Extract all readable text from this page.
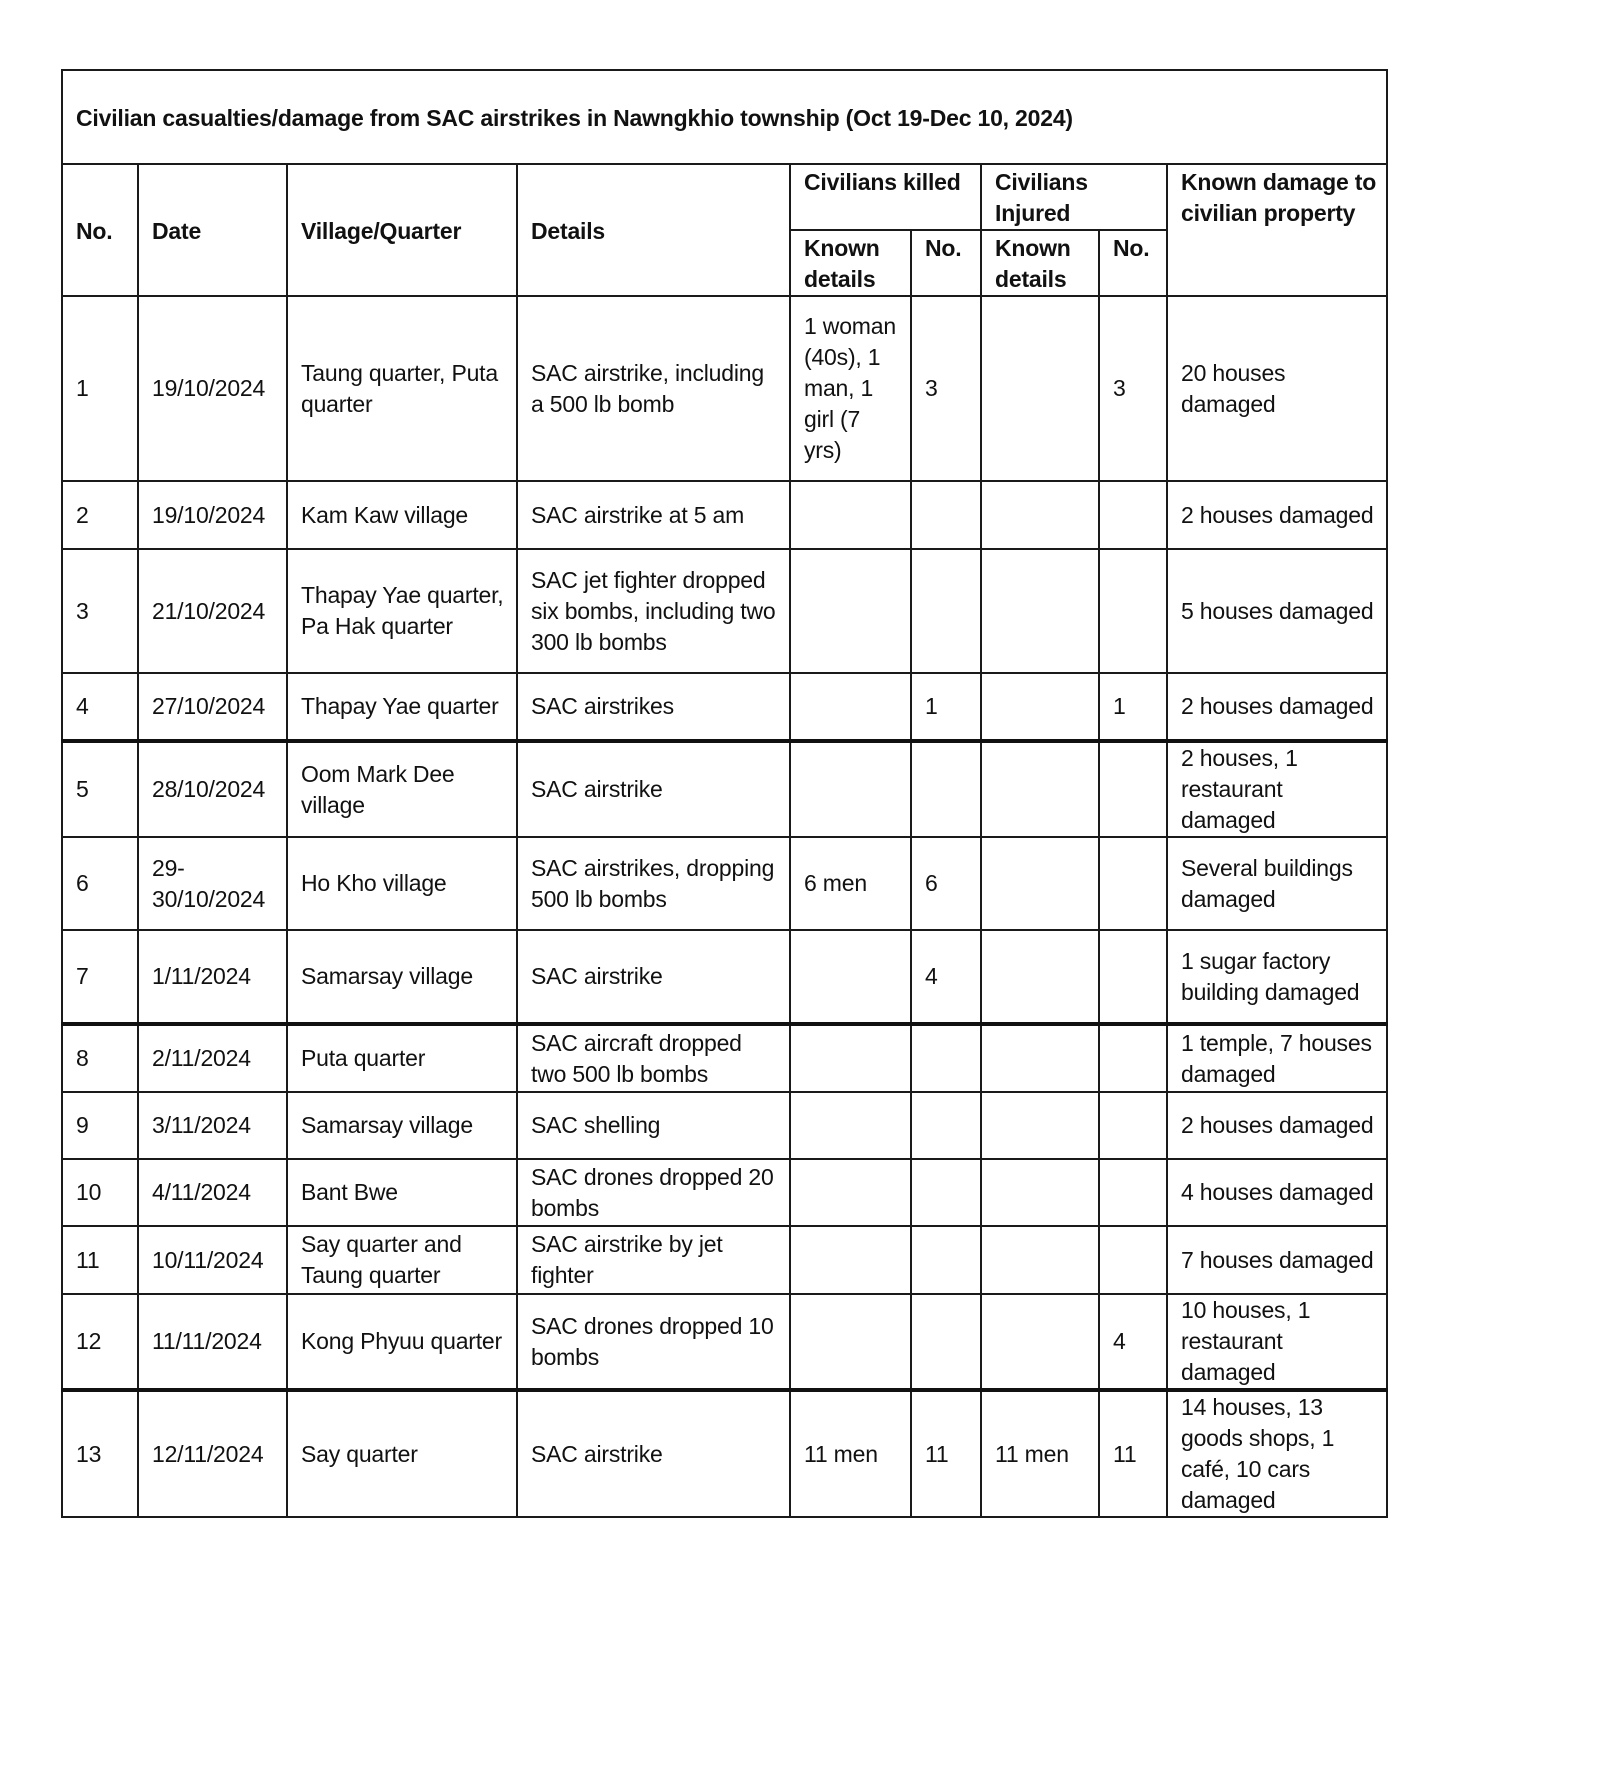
Civilian casualties/damage from SAC airstrikes in Nawngkhio township (Oct 19-Dec 10, 2024)								
No.	Date	Village/Quarter	Details	Civilians killed		Civilians Injured		Known damage to civilian property
				Known details	No.	Known details	No.	
1	19/10/2024	Taung quarter, Puta quarter	SAC airstrike, including a 500 lb bomb	1 woman (40s), 1 man, 1 girl (7 yrs)	3		3	20 houses damaged
2	19/10/2024	Kam Kaw village	SAC airstrike at 5 am					2 houses damaged
3	21/10/2024	Thapay Yae quarter, Pa Hak quarter	SAC jet fighter dropped six bombs, including two 300 lb bombs					5 houses damaged
4	27/10/2024	Thapay Yae quarter	SAC airstrikes		1		1	2 houses damaged
5	28/10/2024	Oom Mark Dee village	SAC airstrike					2 houses, 1 restaurant damaged
6	29-30/10/2024	Ho Kho village	SAC airstrikes, dropping 500 lb bombs	6 men	6			Several buildings damaged
7	1/11/2024	Samarsay village	SAC airstrike		4			1 sugar factory building damaged
8	2/11/2024	Puta quarter	SAC aircraft dropped two 500 lb bombs					1 temple, 7 houses damaged
9	3/11/2024	Samarsay village	SAC shelling					2 houses damaged
10	4/11/2024	Bant Bwe	SAC drones dropped 20 bombs					4 houses damaged
11	10/11/2024	Say quarter and Taung quarter	SAC airstrike by jet fighter					7 houses damaged
12	11/11/2024	Kong Phyuu quarter	SAC drones dropped 10 bombs				4	10 houses, 1 restaurant damaged
13	12/11/2024	Say quarter	SAC airstrike	11 men	11	11 men	11	14 houses, 13 goods shops, 1 café, 10 cars damaged
